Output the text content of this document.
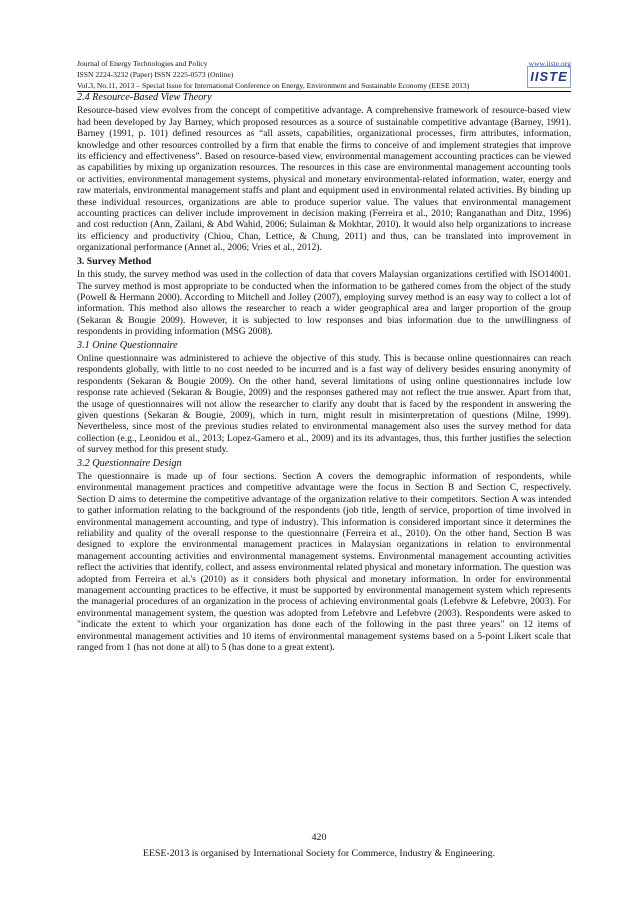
Journal of Energy Technologies and Policy
ISSN 2224-3232 (Paper) ISSN 2225-0573 (Online)
Vol.3, No.11, 2013 – Special Issue for International Conference on Energy, Environment and Sustainable Economy (EESE 2013)
www.iiste.org
IISTE
2.4 Resource-Based View Theory

Resource-based view evolves from the concept of competitive advantage. A comprehensive framework of resource-based view had been developed by Jay Barney, which proposed resources as a source of sustainable competitive advantage (Barney, 1991). Barney (1991, p. 101) defined resources as “all assets, capabilities, organizational processes, firm attributes, information, knowledge and other resources controlled by a firm that enable the firms to conceive of and implement strategies that improve its efficiency and effectiveness”. Based on resource-based view, environmental management accounting practices can be viewed as capabilities by mixing up organization resources. The resources in this case are environmental management accounting tools or activities, environmental management systems, physical and monetary environmental-related information, water, energy and raw materials, environmental management staffs and plant and equipment used in environmental related activities. By binding up these individual resources, organizations are able to produce superior value. The values that environmental management accounting practices can deliver include improvement in decision making (Ferreira et al., 2010; Ranganathan and Ditz, 1996) and cost reduction (Ann, Zailani, & Abd Wahid, 2006; Sulaiman & Mokhtar, 2010). It would also help organizations to increase its efficiency and productivity (Chiou, Chan, Lettice, & Chung, 2011) and thus, can be translated into improvement in organizational performance (Annet al., 2006; Vries et al., 2012).

3. Survey Method

In this study, the survey method was used in the collection of data that covers Malaysian organizations certified with ISO14001. The survey method is most appropriate to be conducted when the information to be gathered comes from the object of the study (Powell & Hermann 2000). According to Mitchell and Jolley (2007), employing survey method is an easy way to collect a lot of information. This method also allows the researcher to reach a wider geographical area and larger proportion of the group (Sekaran & Bougie 2009). However, it is subjected to low responses and bias information due to the unwillingness of respondents in providing information (MSG 2008).

3.1 Onine Questionnaire

Online questionnaire was administered to achieve the objective of this study. This is because online questionnaires can reach respondents globally, with little to no cost needed to be incurred and is a fast way of delivery besides ensuring anonymity of respondents (Sekaran & Bougie 2009). On the other hand, several limitations of using online questionnaires include low response rate achieved (Sekaran & Bougie, 2009) and the responses gathered may not reflect the true answer. Apart from that, the usage of questionnaires will not allow the researcher to clarify any doubt that is faced by the respondent in answering the given questions (Sekaran & Bougie, 2009), which in turn, might result in misinterpretation of questions (Milne, 1999). Nevertheless, since most of the previous studies related to environmental management also uses the survey method for data collection (e.g., Leonidou et al., 2013; Lopez-Gamero et al., 2009) and its its advantages, thus, this further justifies the selection of survey method for this present study.

3.2 Questionnaire Design

The questionnaire is made up of four sections. Section A covers the demographic information of respondents, while environmental management practices and competitive advantage were the focus in Section B and Section C, respectively. Section D aims to determine the competitive advantage of the organization relative to their competitors. Section A was intended to gather information relating to the background of the respondents (job title, length of service, proportion of time involved in environmental management accounting, and type of industry). This information is considered important since it determines the reliability and quality of the overall response to the questionnaire (Ferreira et al., 2010). On the other hand, Section B was designed to explore the environmental management practices in Malaysian organizations in relation to environmental management accounting activities and environmental management systems. Environmental management accounting activities reflect the activities that identify, collect, and assess environmental related physical and monetary information. The question was adopted from Ferreira et al.'s (2010) as it considers both physical and monetary information. In order for environmental management accounting practices to be effective, it must be supported by environmental management system which represents the managerial procedures of an organization in the process of achieving environmental goals (Lefebvre & Lefebvre, 2003). For environmental management system, the question was adopted from Lefebvre and Lefebvre (2003). Respondents were asked to "indicate the extent to which your organization has done each of the following in the past three years" on 12 items of environmental management activities and 10 items of environmental management systems based on a 5-point Likert scale that ranged from 1 (has not done at all) to 5 (has done to a great extent).

420
EESE-2013 is organised by International Society for Commerce, Industry & Engineering.
